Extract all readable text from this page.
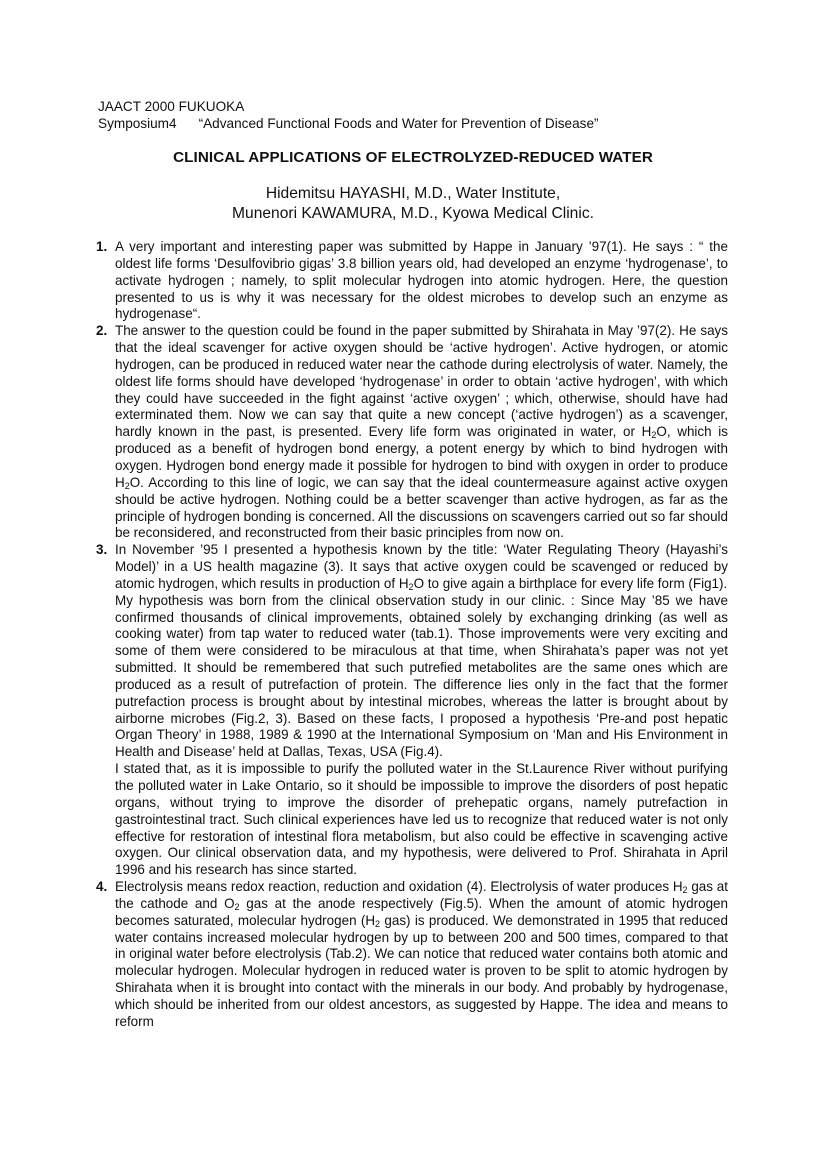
JAACT 2000 FUKUOKA
Symposium4 “Advanced Functional Foods and Water for Prevention of Disease”
CLINICAL APPLICATIONS OF ELECTROLYZED-REDUCED WATER
Hidemitsu HAYASHI, M.D., Water Institute,
Munenori KAWAMURA, M.D., Kyowa Medical Clinic.
1. A very important and interesting paper was submitted by Happe in January ’97(1). He says : “ the oldest life forms ‘Desulfovibrio gigas’ 3.8 billion years old, had developed an enzyme ‘hydrogenase’, to activate hydrogen ; namely, to split molecular hydrogen into atomic hydrogen. Here, the question presented to us is why it was necessary for the oldest microbes to develop such an enzyme as hydrogenase“.

2. The answer to the question could be found in the paper submitted by Shirahata in May ’97(2). He says that the ideal scavenger for active oxygen should be ‘active hydrogen’. Active hydrogen, or atomic hydrogen, can be produced in reduced water near the cathode during electrolysis of water. Namely, the oldest life forms should have developed ‘hydrogenase’ in order to obtain ‘active hydrogen’, with which they could have succeeded in the fight against ‘active oxygen’ ; which, otherwise, should have had exterminated them. Now we can say that quite a new concept (‘active hydrogen’) as a scavenger, hardly known in the past, is presented. Every life form was originated in water, or $H_2O$, which is produced as a benefit of hydrogen bond energy, a potent energy by which to bind hydrogen with oxygen. Hydrogen bond energy made it possible for hydrogen to bind with oxygen in order to produce $H_2O$. According to this line of logic, we can say that the ideal countermeasure against active oxygen should be active hydrogen. Nothing could be a better scavenger than active hydrogen, as far as the principle of hydrogen bonding is concerned. All the discussions on scavengers carried out so far should be reconsidered, and reconstructed from their basic principles from now on.

3. In November ’95 I presented a hypothesis known by the title: ‘Water Regulating Theory (Hayashi’s Model)’ in a US health magazine (3). It says that active oxygen could be scavenged or reduced by atomic hydrogen, which results in production of $H_2O$ to give again a birthplace for every life form (Fig1).

My hypothesis was born from the clinical observation study in our clinic. : Since May ’85 we have confirmed thousands of clinical improvements, obtained solely by exchanging drinking (as well as cooking water) from tap water to reduced water (tab.1). Those improvements were very exciting and some of them were considered to be miraculous at that time, when Shirahata’s paper was not yet submitted. It should be remembered that such putrefied metabolites are the same ones which are produced as a result of putrefaction of protein. The difference lies only in the fact that the former putrefaction process is brought about by intestinal microbes, whereas the latter is brought about by airborne microbes (Fig.2, 3). Based on these facts, I proposed a hypothesis ‘Pre-and post hepatic Organ Theory’ in 1988, 1989 & 1990 at the International Symposium on ‘Man and His Environment in Health and Disease’ held at Dallas, Texas, USA (Fig.4).

I stated that, as it is impossible to purify the polluted water in the St.Laurence River without purifying the polluted water in Lake Ontario, so it should be impossible to improve the disorders of post hepatic organs, without trying to improve the disorder of prehepatic organs, namely putrefaction in gastrointestinal tract. Such clinical experiences have led us to recognize that reduced water is not only effective for restoration of intestinal flora metabolism, but also could be effective in scavenging active oxygen. Our clinical observation data, and my hypothesis, were delivered to Prof. Shirahata in April 1996 and his research has since started.

4. Electrolysis means redox reaction, reduction and oxidation (4). Electrolysis of water produces $H_2$ gas at the cathode and $O_2$ gas at the anode respectively (Fig.5). When the amount of atomic hydrogen becomes saturated, molecular hydrogen ($H_2$ gas) is produced. We demonstrated in 1995 that reduced water contains increased molecular hydrogen by up to between 200 and 500 times, compared to that in original water before electrolysis (Tab.2). We can notice that reduced water contains both atomic and molecular hydrogen. Molecular hydrogen in reduced water is proven to be split to atomic hydrogen by Shirahata when it is brought into contact with the minerals in our body. And probably by hydrogenase, which should be inherited from our oldest ancestors, as suggested by Happe. The idea and means to reform
